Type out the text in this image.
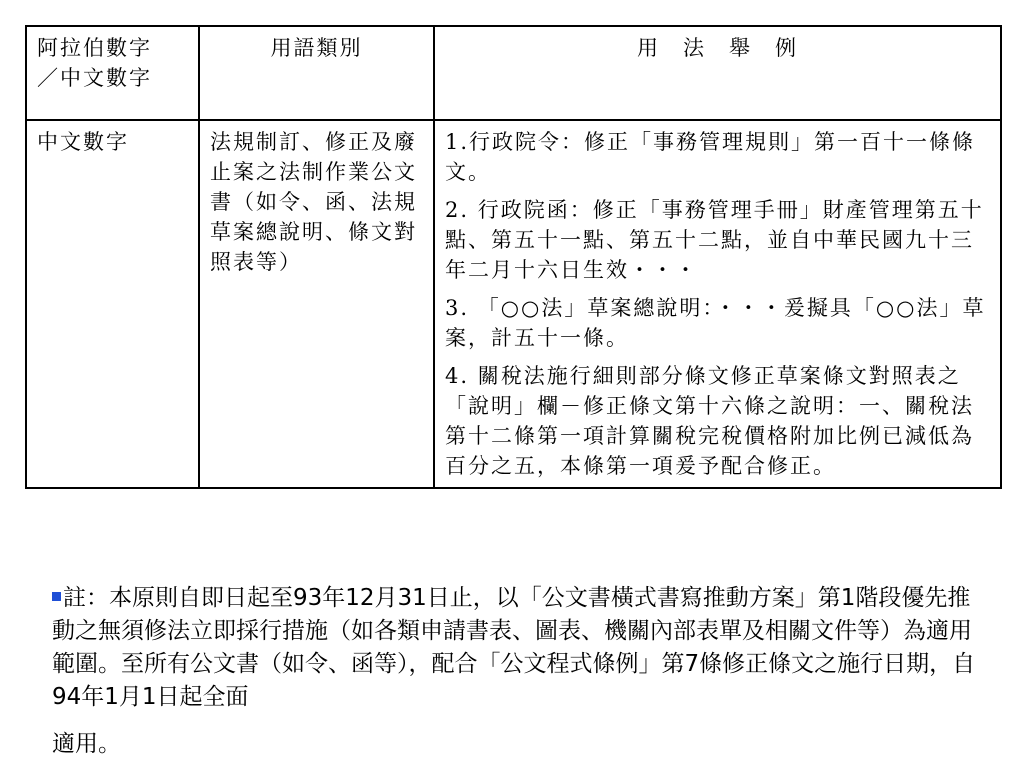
阿拉伯數字
／中文數字	用語類別	用　法　舉　例
中文數字	法規制訂、修正及廢止案之法制作業公文書（如令、函、法規草案總說明、條文對照表等）	1.行政院令：修正「事務管理規則」第一百十一條條文。
2. 行政院函：修正「事務管理手冊」財產管理第五十點、第五十一點、第五十二點，並自中華民國九十三年二月十六日生效・・・
3. 「○○法」草案總說明：・・・爰擬具「○○法」草案，計五十一條。
4. 關稅法施行細則部分條文修正草案條文對照表之「說明」欄－修正條文第十六條之說明：一、關稅法第十二條第一項計算關稅完稅價格附加比例已減低為百分之五，本條第一項爰予配合修正。
註：本原則自即日起至93年12月31日止，以「公文書橫式書寫推動方案」第1階段優先推動之無須修法立即採行措施（如各類申請書表、圖表、機關內部表單及相關文件等）為適用範圍。至所有公文書（如令、函等），配合「公文程式條例」第7條修正條文之施行日期，自94年1月1日起全面
適用。
